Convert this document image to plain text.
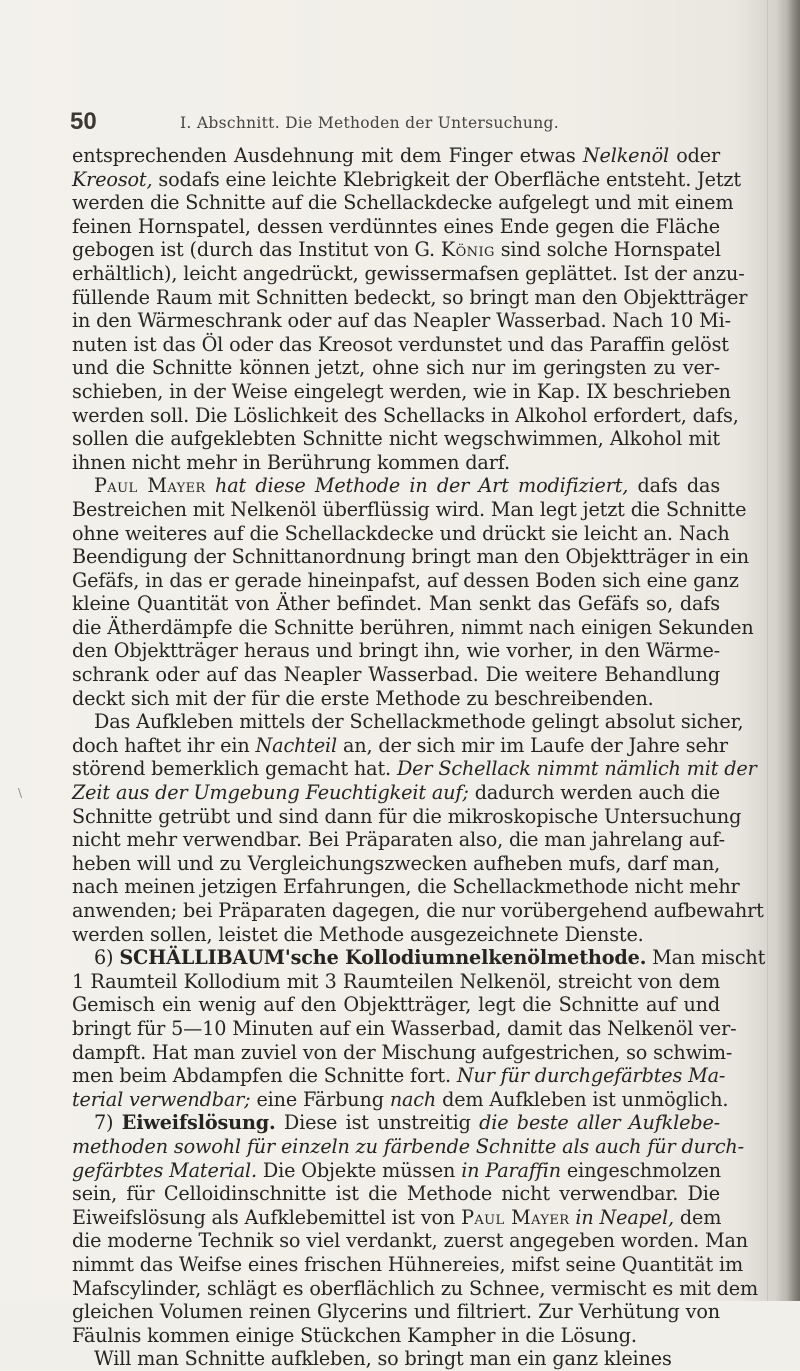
50	I. Abschnitt. Die Methoden der Untersuchung.
\
entsprechenden Ausdehnung mit dem Finger etwas Nelkenöl oder
Kreosot, sodafs eine leichte Klebrigkeit der Oberfläche entsteht. Jetzt
werden die Schnitte auf die Schellackdecke aufgelegt und mit einem
feinen Hornspatel, dessen verdünntes eines Ende gegen die Fläche
gebogen ist (durch das Institut von G. König sind solche Hornspatel
erhältlich), leicht angedrückt, gewissermafsen geplättet. Ist der anzu-
füllende Raum mit Schnitten bedeckt, so bringt man den Objektträger
in den Wärmeschrank oder auf das Neapler Wasserbad. Nach 10 Mi-
nuten ist das Öl oder das Kreosot verdunstet und das Paraffin gelöst
und die Schnitte können jetzt, ohne sich nur im geringsten zu ver-
schieben, in der Weise eingelegt werden, wie in Kap. IX beschrieben
werden soll. Die Löslichkeit des Schellacks in Alkohol erfordert, dafs,
sollen die aufgeklebten Schnitte nicht wegschwimmen, Alkohol mit
ihnen nicht mehr in Berührung kommen darf.
Paul Mayer hat diese Methode in der Art modifiziert, dafs das
Bestreichen mit Nelkenöl überflüssig wird. Man legt jetzt die Schnitte
ohne weiteres auf die Schellackdecke und drückt sie leicht an. Nach
Beendigung der Schnittanordnung bringt man den Objektträger in ein
Gefäfs, in das er gerade hineinpafst, auf dessen Boden sich eine ganz
kleine Quantität von Äther befindet. Man senkt das Gefäfs so, dafs
die Ätherdämpfe die Schnitte berühren, nimmt nach einigen Sekunden
den Objektträger heraus und bringt ihn, wie vorher, in den Wärme-
schrank oder auf das Neapler Wasserbad. Die weitere Behandlung
deckt sich mit der für die erste Methode zu beschreibenden.
Das Aufkleben mittels der Schellackmethode gelingt absolut sicher,
doch haftet ihr ein Nachteil an, der sich mir im Laufe der Jahre sehr
störend bemerklich gemacht hat. Der Schellack nimmt nämlich mit der
Zeit aus der Umgebung Feuchtigkeit auf; dadurch werden auch die
Schnitte getrübt und sind dann für die mikroskopische Untersuchung
nicht mehr verwendbar. Bei Präparaten also, die man jahrelang auf-
heben will und zu Vergleichungszwecken aufheben mufs, darf man,
nach meinen jetzigen Erfahrungen, die Schellackmethode nicht mehr
anwenden; bei Präparaten dagegen, die nur vorübergehend aufbewahrt
werden sollen, leistet die Methode ausgezeichnete Dienste.
6) SCHÄLLIBAUM'sche Kollodiumnelkenölmethode. Man mischt
1 Raumteil Kollodium mit 3 Raumteilen Nelkenöl, streicht von dem
Gemisch ein wenig auf den Objektträger, legt die Schnitte auf und
bringt für 5—10 Minuten auf ein Wasserbad, damit das Nelkenöl ver-
dampft. Hat man zuviel von der Mischung aufgestrichen, so schwim-
men beim Abdampfen die Schnitte fort. Nur für durchgefärbtes Ma-
terial verwendbar; eine Färbung nach dem Aufkleben ist unmöglich.
7) Eiweifslösung. Diese ist unstreitig die beste aller Aufklebe-
methoden sowohl für einzeln zu färbende Schnitte als auch für durch-
gefärbtes Material. Die Objekte müssen in Paraffin eingeschmolzen
sein, für Celloidinschnitte ist die Methode nicht verwendbar. Die
Eiweifslösung als Aufklebemittel ist von Paul Mayer in Neapel, dem
die moderne Technik so viel verdankt, zuerst angegeben worden. Man
nimmt das Weifse eines frischen Hühnereies, mifst seine Quantität im
Mafscylinder, schlägt es oberflächlich zu Schnee, vermischt es mit dem
gleichen Volumen reinen Glycerins und filtriert. Zur Verhütung von
Fäulnis kommen einige Stückchen Kampher in die Lösung.
Will man Schnitte aufkleben, so bringt man ein ganz kleines
